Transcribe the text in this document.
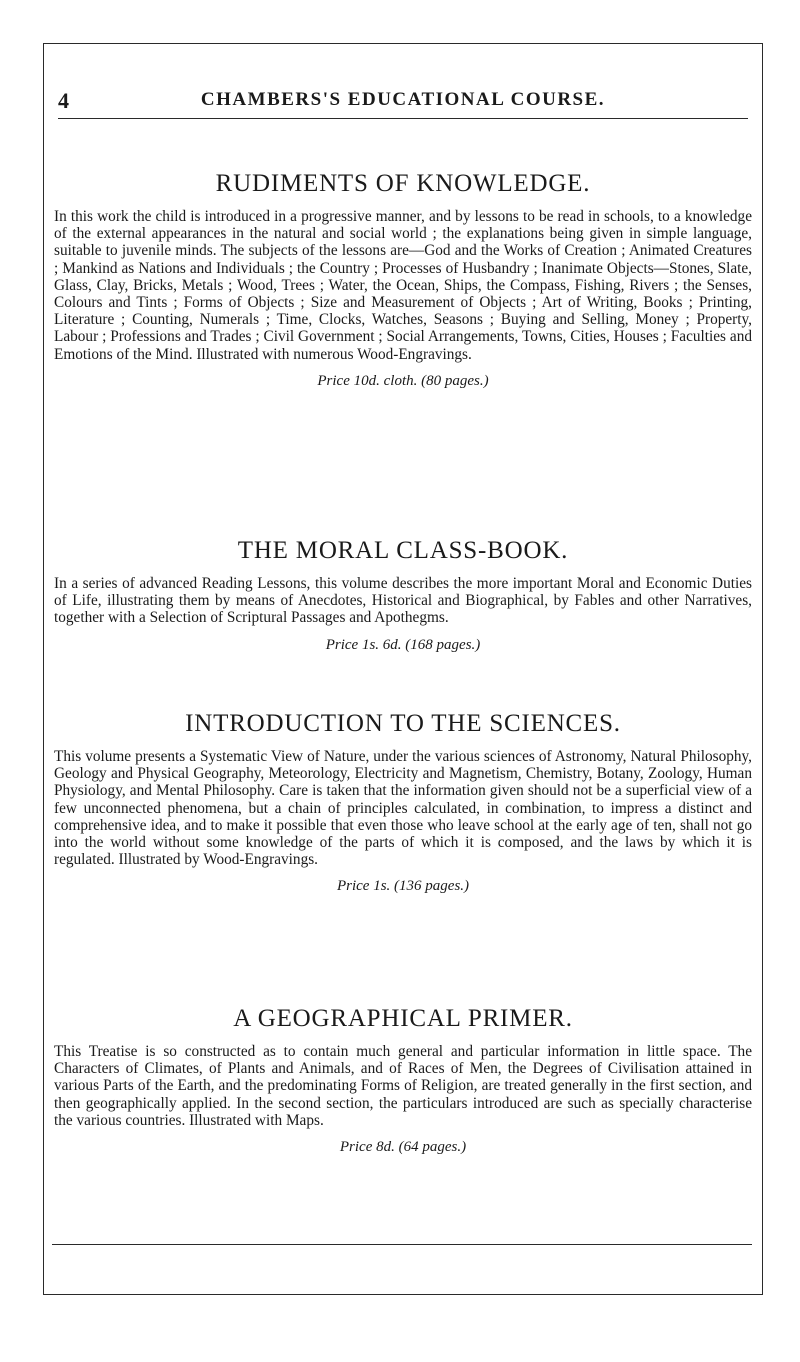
4	CHAMBERS'S EDUCATIONAL COURSE.
RUDIMENTS OF KNOWLEDGE.

In this work the child is introduced in a progressive manner, and by lessons to be read in schools, to a knowledge of the external appearances in the natural and social world ; the explanations being given in simple language, suitable to juvenile minds. The subjects of the lessons are—God and the Works of Creation ; Animated Creatures ; Mankind as Nations and Individuals ; the Country ; Processes of Husbandry ; Inanimate Objects—Stones, Slate, Glass, Clay, Bricks, Metals ; Wood, Trees ; Water, the Ocean, Ships, the Compass, Fishing, Rivers ; the Senses, Colours and Tints ; Forms of Objects ; Size and Measurement of Objects ; Art of Writing, Books ; Printing, Literature ; Counting, Numerals ; Time, Clocks, Watches, Seasons ; Buying and Selling, Money ; Property, Labour ; Professions and Trades ; Civil Government ; Social Arrangements, Towns, Cities, Houses ; Faculties and Emotions of the Mind. Illustrated with numerous Wood-Engravings.

Price 10d. cloth. (80 pages.)

THE MORAL CLASS-BOOK.

In a series of advanced Reading Lessons, this volume describes the more important Moral and Economic Duties of Life, illustrating them by means of Anecdotes, Historical and Biographical, by Fables and other Narratives, together with a Selection of Scriptural Passages and Apothegms.

Price 1s. 6d. (168 pages.)

INTRODUCTION TO THE SCIENCES.

This volume presents a Systematic View of Nature, under the various sciences of Astronomy, Natural Philosophy, Geology and Physical Geography, Meteorology, Electricity and Magnetism, Chemistry, Botany, Zoology, Human Physiology, and Mental Philosophy. Care is taken that the information given should not be a superficial view of a few unconnected phenomena, but a chain of principles calculated, in combination, to impress a distinct and comprehensive idea, and to make it possible that even those who leave school at the early age of ten, shall not go into the world without some knowledge of the parts of which it is composed, and the laws by which it is regulated. Illustrated by Wood-Engravings.

Price 1s. (136 pages.)

A GEOGRAPHICAL PRIMER.

This Treatise is so constructed as to contain much general and particular information in little space. The Characters of Climates, of Plants and Animals, and of Races of Men, the Degrees of Civilisation attained in various Parts of the Earth, and the predominating Forms of Religion, are treated generally in the first section, and then geographically applied. In the second section, the particulars introduced are such as specially characterise the various countries. Illustrated with Maps.

Price 8d. (64 pages.)
